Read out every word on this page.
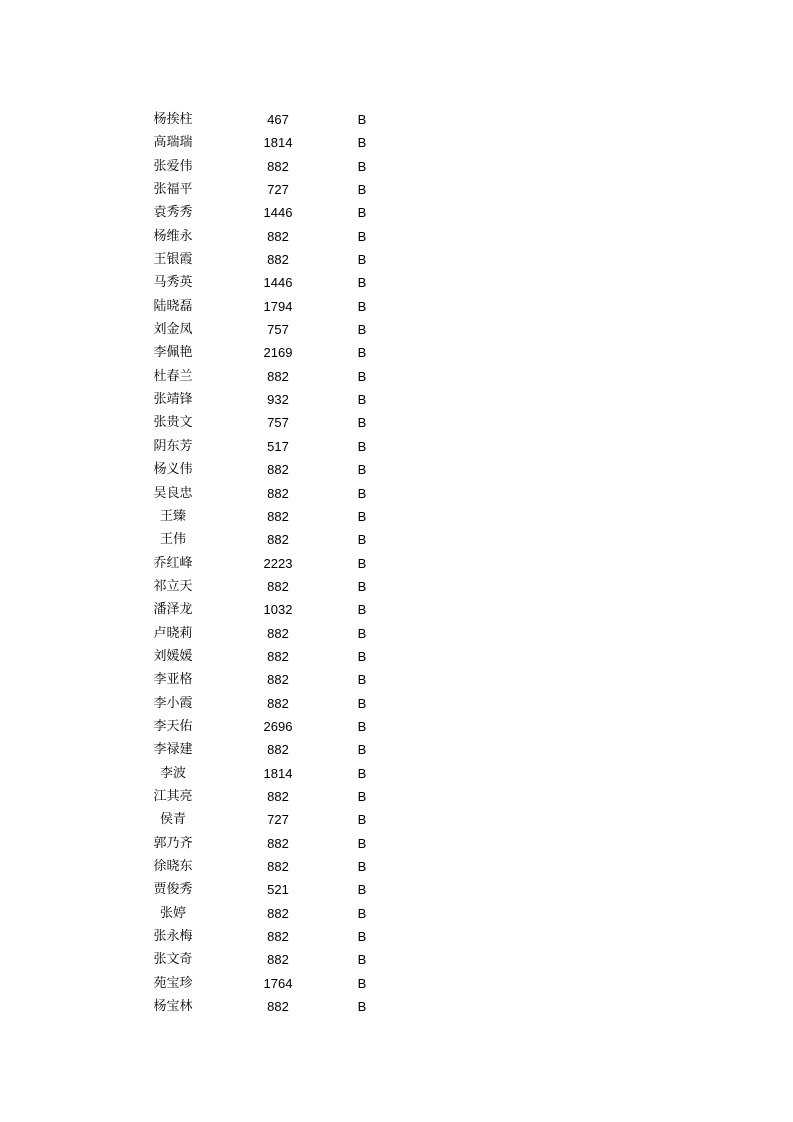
杨挨柱	467	B
高瑞瑞	1814	B
张爱伟	882	B
张福平	727	B
袁秀秀	1446	B
杨维永	882	B
王银霞	882	B
马秀英	1446	B
陆晓磊	1794	B
刘金凤	757	B
李佩艳	2169	B
杜春兰	882	B
张靖锋	932	B
张贵文	757	B
阴东芳	517	B
杨义伟	882	B
吴良忠	882	B
王臻	882	B
王伟	882	B
乔红峰	2223	B
祁立天	882	B
潘泽龙	1032	B
卢晓莉	882	B
刘媛媛	882	B
李亚格	882	B
李小霞	882	B
李天佑	2696	B
李禄建	882	B
李波	1814	B
江其亮	882	B
侯青	727	B
郭乃齐	882	B
徐晓东	882	B
贾俊秀	521	B
张婷	882	B
张永梅	882	B
张文奇	882	B
苑宝珍	1764	B
杨宝林	882	B
